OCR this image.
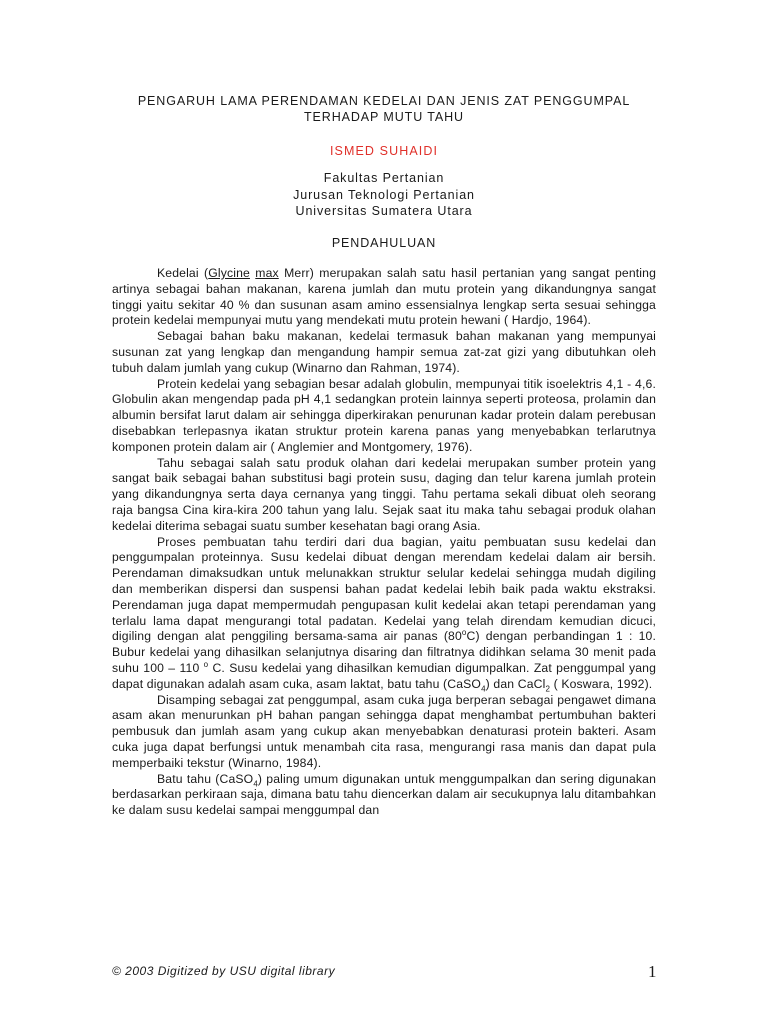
PENGARUH LAMA PERENDAMAN KEDELAI DAN JENIS ZAT PENGGUMPAL
TERHADAP MUTU TAHU
ISMED SUHAIDI
Fakultas Pertanian
Jurusan Teknologi Pertanian
Universitas Sumatera Utara
PENDAHULUAN

Kedelai (Glycine max Merr) merupakan salah satu hasil pertanian yang sangat penting artinya sebagai bahan makanan, karena jumlah dan mutu protein yang dikandungnya sangat tinggi yaitu sekitar 40 % dan susunan asam amino essensialnya lengkap serta sesuai sehingga protein kedelai mempunyai mutu yang mendekati mutu protein hewani ( Hardjo, 1964).

Sebagai bahan baku makanan, kedelai termasuk bahan makanan yang mempunyai susunan zat yang lengkap dan mengandung hampir semua zat-zat gizi yang dibutuhkan oleh tubuh dalam jumlah yang cukup (Winarno dan Rahman, 1974).

Protein kedelai yang sebagian besar adalah globulin, mempunyai titik isoelektris 4,1 - 4,6. Globulin akan mengendap pada pH 4,1 sedangkan protein lainnya seperti proteosa, prolamin dan albumin bersifat larut dalam air sehingga diperkirakan penurunan kadar protein dalam perebusan disebabkan terlepasnya ikatan struktur protein karena panas yang menyebabkan terlarutnya komponen protein dalam air ( Anglemier and Montgomery, 1976).

Tahu sebagai salah satu produk olahan dari kedelai merupakan sumber protein yang sangat baik sebagai bahan substitusi bagi protein susu, daging dan telur karena jumlah protein yang dikandungnya serta daya cernanya yang tinggi. Tahu pertama sekali dibuat oleh seorang raja bangsa Cina kira-kira 200 tahun yang lalu. Sejak saat itu maka tahu sebagai produk olahan kedelai diterima sebagai suatu sumber kesehatan bagi orang Asia.

Proses pembuatan tahu terdiri dari dua bagian, yaitu pembuatan susu kedelai dan penggumpalan proteinnya. Susu kedelai dibuat dengan merendam kedelai dalam air bersih. Perendaman dimaksudkan untuk melunakkan struktur selular kedelai sehingga mudah digiling dan memberikan dispersi dan suspensi bahan padat kedelai lebih baik pada waktu ekstraksi. Perendaman juga dapat mempermudah pengupasan kulit kedelai akan tetapi perendaman yang terlalu lama dapat mengurangi total padatan. Kedelai yang telah direndam kemudian dicuci, digiling dengan alat penggiling bersama-sama air panas (80$^o$C) dengan perbandingan 1 : 10. Bubur kedelai yang dihasilkan selanjutnya disaring dan filtratnya didihkan selama 30 menit pada suhu 100 – 110 $^o$ C. Susu kedelai yang dihasilkan kemudian digumpalkan. Zat penggumpal yang dapat digunakan adalah asam cuka, asam laktat, batu tahu (CaSO$_4$) dan CaCl$_2$ ( Koswara, 1992).

Disamping sebagai zat penggumpal, asam cuka juga berperan sebagai pengawet dimana asam akan menurunkan pH bahan pangan sehingga dapat menghambat pertumbuhan bakteri pembusuk dan jumlah asam yang cukup akan menyebabkan denaturasi protein bakteri. Asam cuka juga dapat berfungsi untuk menambah cita rasa, mengurangi rasa manis dan dapat pula memperbaiki tekstur (Winarno, 1984).

Batu tahu (CaSO$_4$) paling umum digunakan untuk menggumpalkan dan sering digunakan berdasarkan perkiraan saja, dimana batu tahu diencerkan dalam air secukupnya lalu ditambahkan ke dalam susu kedelai sampai menggumpal dan

© 2003 Digitized by USU digital library	1
